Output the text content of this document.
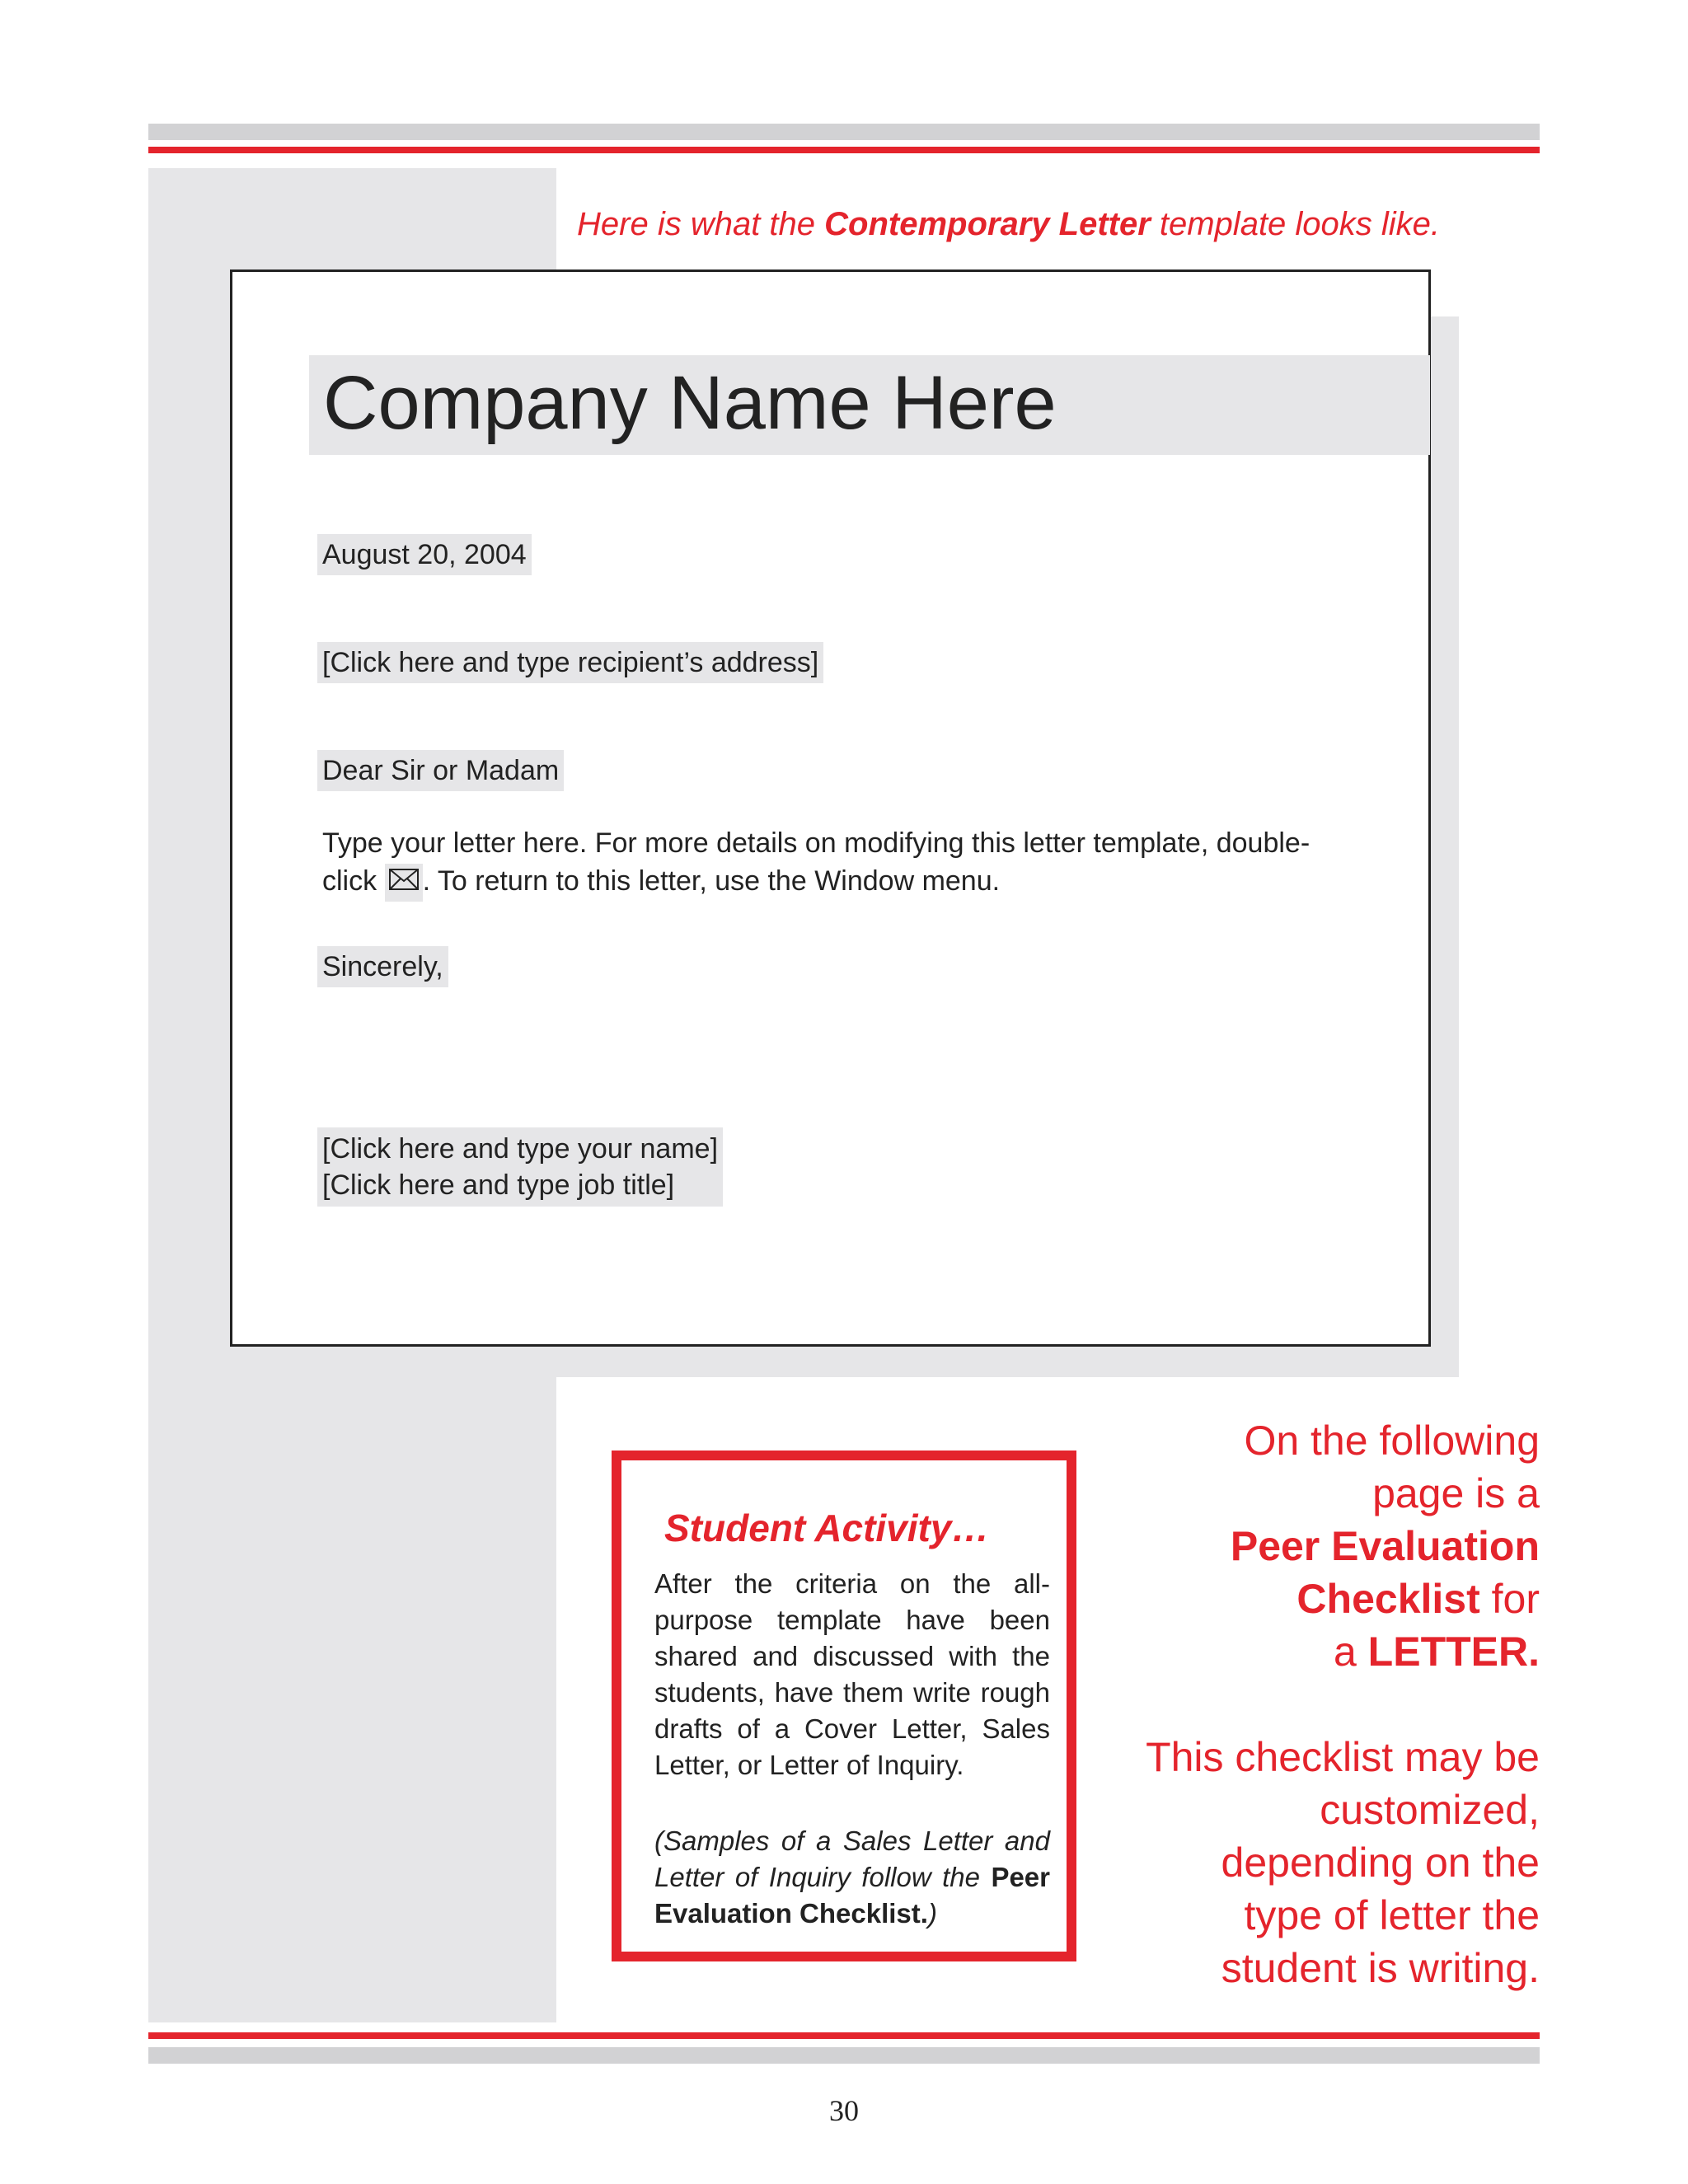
Here is what the Contemporary Letter template looks like.
Company Name Here
August 20, 2004
[Click here and type recipient’s address]
Dear Sir or Madam
Type your letter here. For more details on modifying this letter template, double-
click . To return to this letter, use the Window menu.
Sincerely,
[Click here and type your name]
[Click here and type job title]
Student Activity…
After the criteria on the all-purpose template have been shared and discussed with the students, have them write rough drafts of a Cover Letter, Sales Letter, or Letter of Inquiry.
(Samples of a Sales Letter and Letter of Inquiry follow the Peer Evaluation Checklist.)
On the following
page is a
Peer Evaluation
Checklist for
a LETTER.
This checklist may be
customized,
depending on the
type of letter the
student is writing.
30
